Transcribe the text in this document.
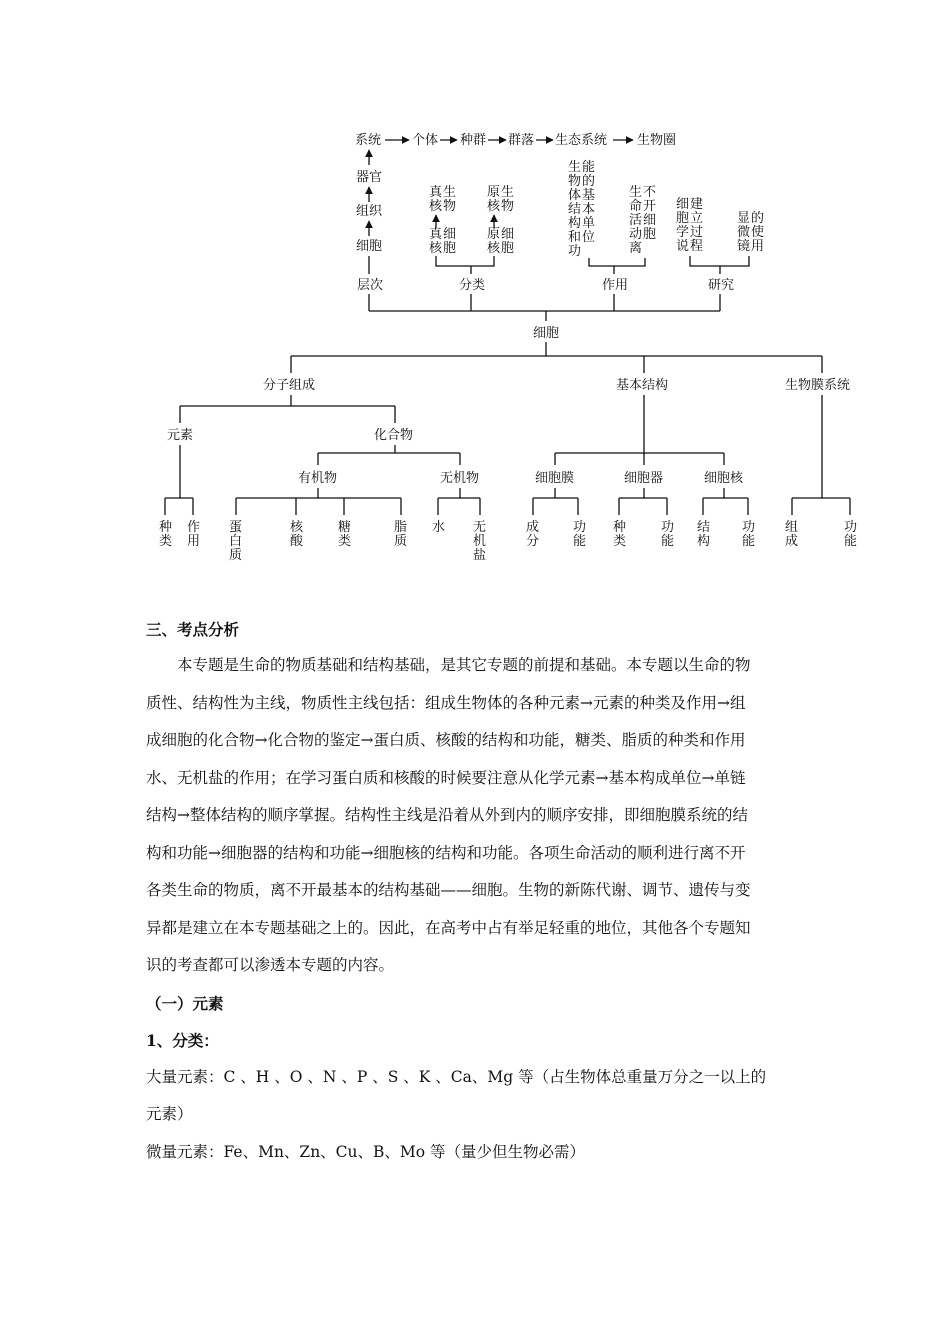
系统 个体 种群 群落 生态系统 生物圈
器官
组织
细胞
层次
真 核 生 物
真 核 细 胞
原 核 生 物
原 核 细 胞
分类
生 物 体 结 构 和 功 能 的 基 本 单 位
生 命 活 动 离 不 开 细 胞
作用
细 胞 学 说 建 立 过 程
显 微 镜 的 使 用
研究
细胞
分子组成	基本结构	生物膜系统
元素	化合物
种 类
作 用
有机物	无机物
蛋 白 质
核 酸
糖 类
脂 质
水 无 机 盐
细胞膜	细胞器	细胞核
成 分
功 能
种 类
功 能
结 构
功 能
组 成
功 能

三、考点分析

本专题是生命的物质基础和结构基础，是其它专题的前提和基础。本专题以生命的物
质性、结构性为主线，物质性主线包括：组成生物体的各种元素→元素的种类及作用→组
成细胞的化合物→化合物的鉴定→蛋白质、核酸的结构和功能，糖类、脂质的种类和作用
水、无机盐的作用；在学习蛋白质和核酸的时候要注意从化学元素→基本构成单位→单链
结构→整体结构的顺序掌握。结构性主线是沿着从外到内的顺序安排，即细胞膜系统的结
构和功能→细胞器的结构和功能→细胞核的结构和功能。各项生命活动的顺利进行离不开
各类生命的物质，离不开最基本的结构基础——细胞。生物的新陈代谢、调节、遗传与变
异都是建立在本专题基础之上的。因此，在高考中占有举足轻重的地位，其他各个专题知
识的考查都可以渗透本专题的内容。

（一）元素

1、分类：

大量元素：C 、H 、O 、N 、P 、S 、K 、Ca、Mg 等（占生物体总重量万分之一以上的

元素）

微量元素：Fe、Mn、Zn、Cu、B、Mo 等（量少但生物必需）
